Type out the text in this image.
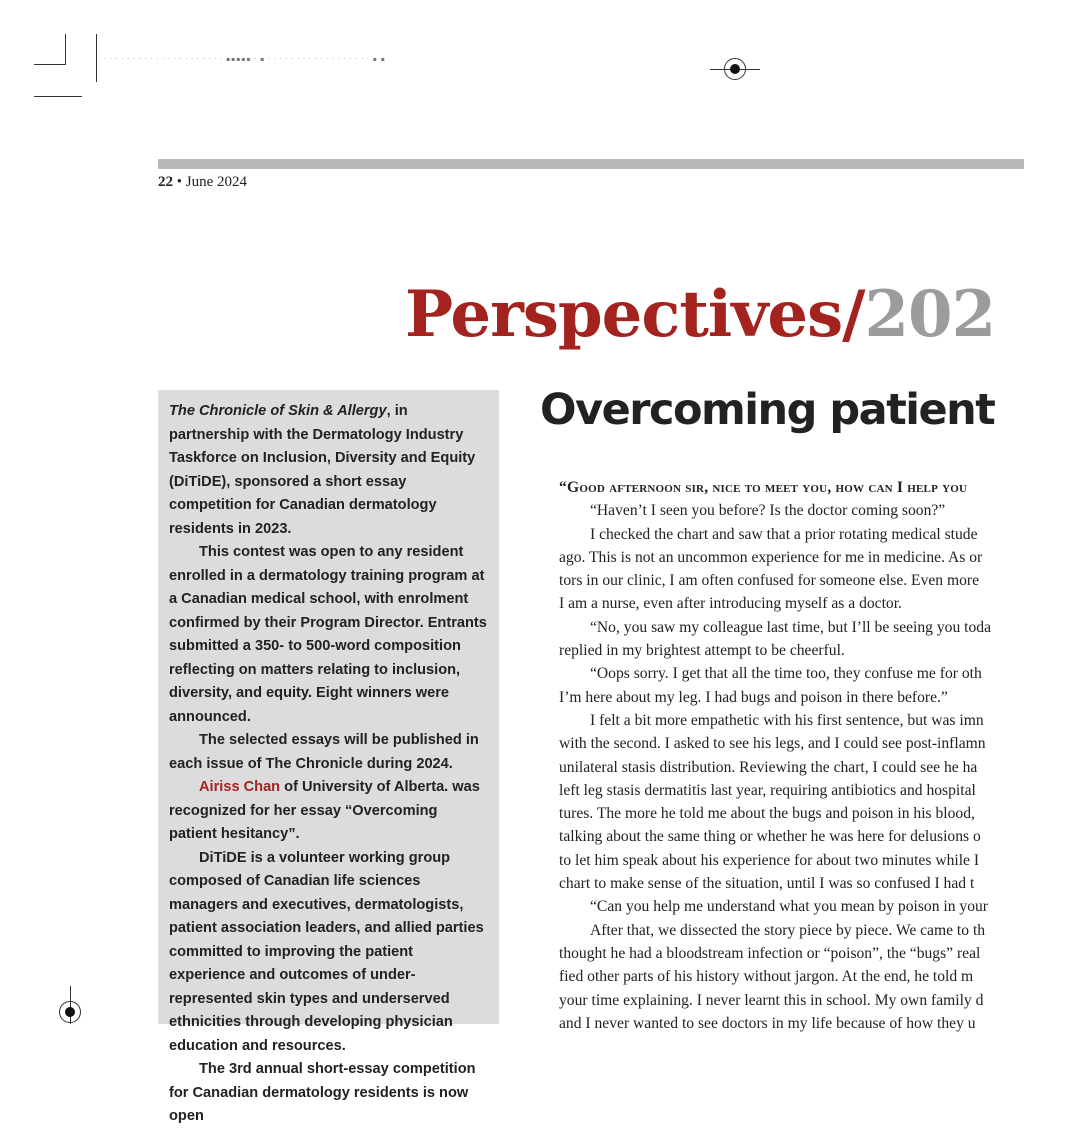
· · · · · · · · · · · · · · · · · · · · · ▪▪▪▪▪ · ▪ · · · · · · · · · · · · · · · · · · ▪ ▪
22 • June 2024
Perspectives/202

The Chronicle of Skin & Allergy, in partnership with the Dermatology Industry Taskforce on Inclusion, Diversity and Equity (DiTiDE), sponsored a short essay competition for Canadian dermatology residents in 2023.

This contest was open to any resident enrolled in a dermatology training program at a Canadian medical school, with enrolment confirmed by their Program Director. Entrants submitted a 350- to 500-word composition reflecting on matters relating to inclusion, diversity, and equity. Eight winners were announced.

The selected essays will be published in each issue of The Chronicle during 2024.

Airiss Chan of University of Alberta. was recognized for her essay “Overcoming patient hesitancy”.

DiTiDE is a volunteer working group composed of Canadian life sciences managers and executives, dermatologists, patient association leaders, and allied parties committed to improving the patient experience and outcomes of under-represented skin types and underserved ethnicities through developing physician education and resources.

The 3rd annual short-essay competition for Canadian dermatology residents is now open

Overcoming patient
“Good afternoon sir, nice to meet you, how can I help you
“Haven’t I seen you before? Is the doctor coming soon?”
I checked the chart and saw that a prior rotating medical stude
ago. This is not an uncommon experience for me in medicine. As or
tors in our clinic, I am often confused for someone else. Even more
I am a nurse, even after introducing myself as a doctor.
“No, you saw my colleague last time, but I’ll be seeing you toda
replied in my brightest attempt to be cheerful.
“Oops sorry. I get that all the time too, they confuse me for oth
I’m here about my leg. I had bugs and poison in there before.”
I felt a bit more empathetic with his first sentence, but was imn
with the second. I asked to see his legs, and I could see post-inflamn
unilateral stasis distribution. Reviewing the chart, I could see he ha
left leg stasis dermatitis last year, requiring antibiotics and hospital
tures. The more he told me about the bugs and poison in his blood,
talking about the same thing or whether he was here for delusions o
to let him speak about his experience for about two minutes while I
chart to make sense of the situation, until I was so confused I had t
“Can you help me understand what you mean by poison in your
After that, we dissected the story piece by piece. We came to th
thought he had a bloodstream infection or “poison”, the “bugs” real
fied other parts of his history without jargon. At the end, he told m
your time explaining. I never learnt this in school. My own family d
and I never wanted to see doctors in my life because of how they u
